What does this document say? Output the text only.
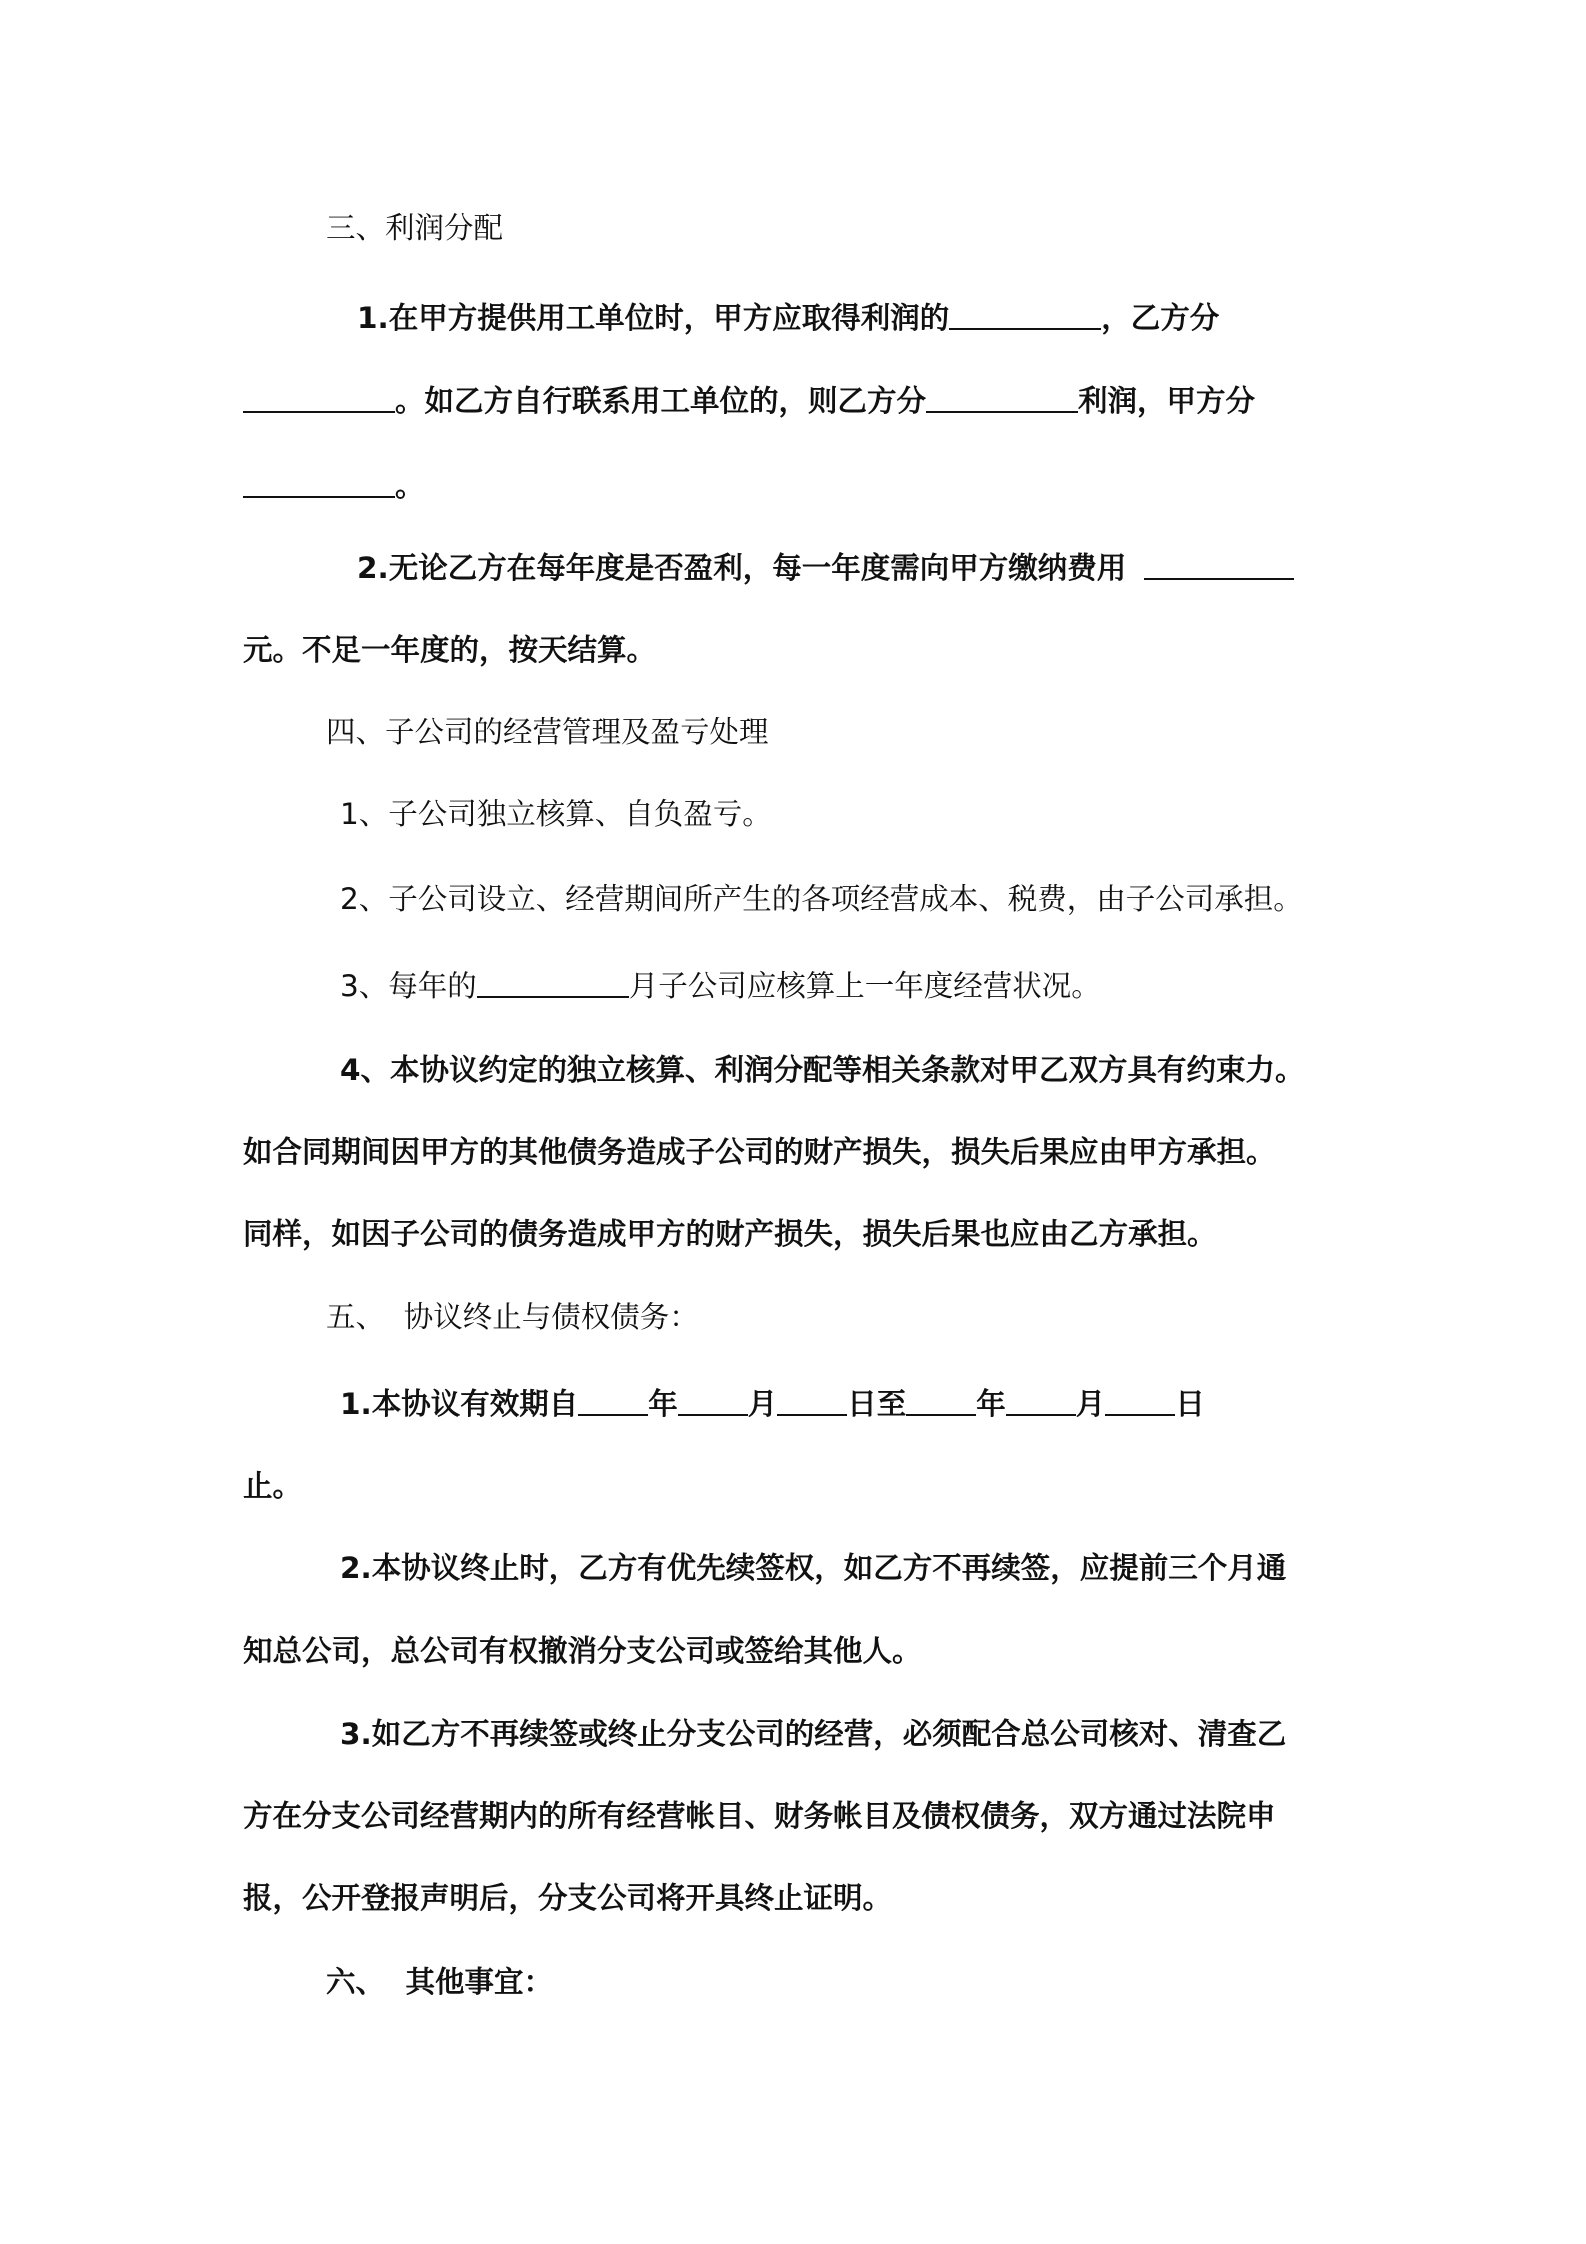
三、利润分配

1.在甲方提供用工单位时，甲方应取得利润的	，乙方分

。如乙方自行联系用工单位的，则乙方分	利润，甲方分

。

2.无论乙方在每年度是否盈利，每一年度需向甲方缴纳费用

元。不足一年度的，按天结算。

四、子公司的经营管理及盈亏处理

1、子公司独立核算、自负盈亏。

2、子公司设立、经营期间所产生的各项经营成本、税费，由子公司承担。

3、每年的	月子公司应核算上一年度经营状况。

4、本协议约定的独立核算、利润分配等相关条款对甲乙双方具有约束力。

如合同期间因甲方的其他债务造成子公司的财产损失，损失后果应由甲方承担。

同样，如因子公司的债务造成甲方的财产损失，损失后果也应由乙方承担。

五、  协议终止与债权债务：

1.本协议有效期自 年 月 日至 年 月 日

止。

2.本协议终止时，乙方有优先续签权，如乙方不再续签，应提前三个月通

知总公司，总公司有权撤消分支公司或签给其他人。

3.如乙方不再续签或终止分支公司的经营，必须配合总公司核对、清查乙

方在分支公司经营期内的所有经营帐目、财务帐目及债权债务，双方通过法院申

报，公开登报声明后，分支公司将开具终止证明。

六、  其他事宜：
